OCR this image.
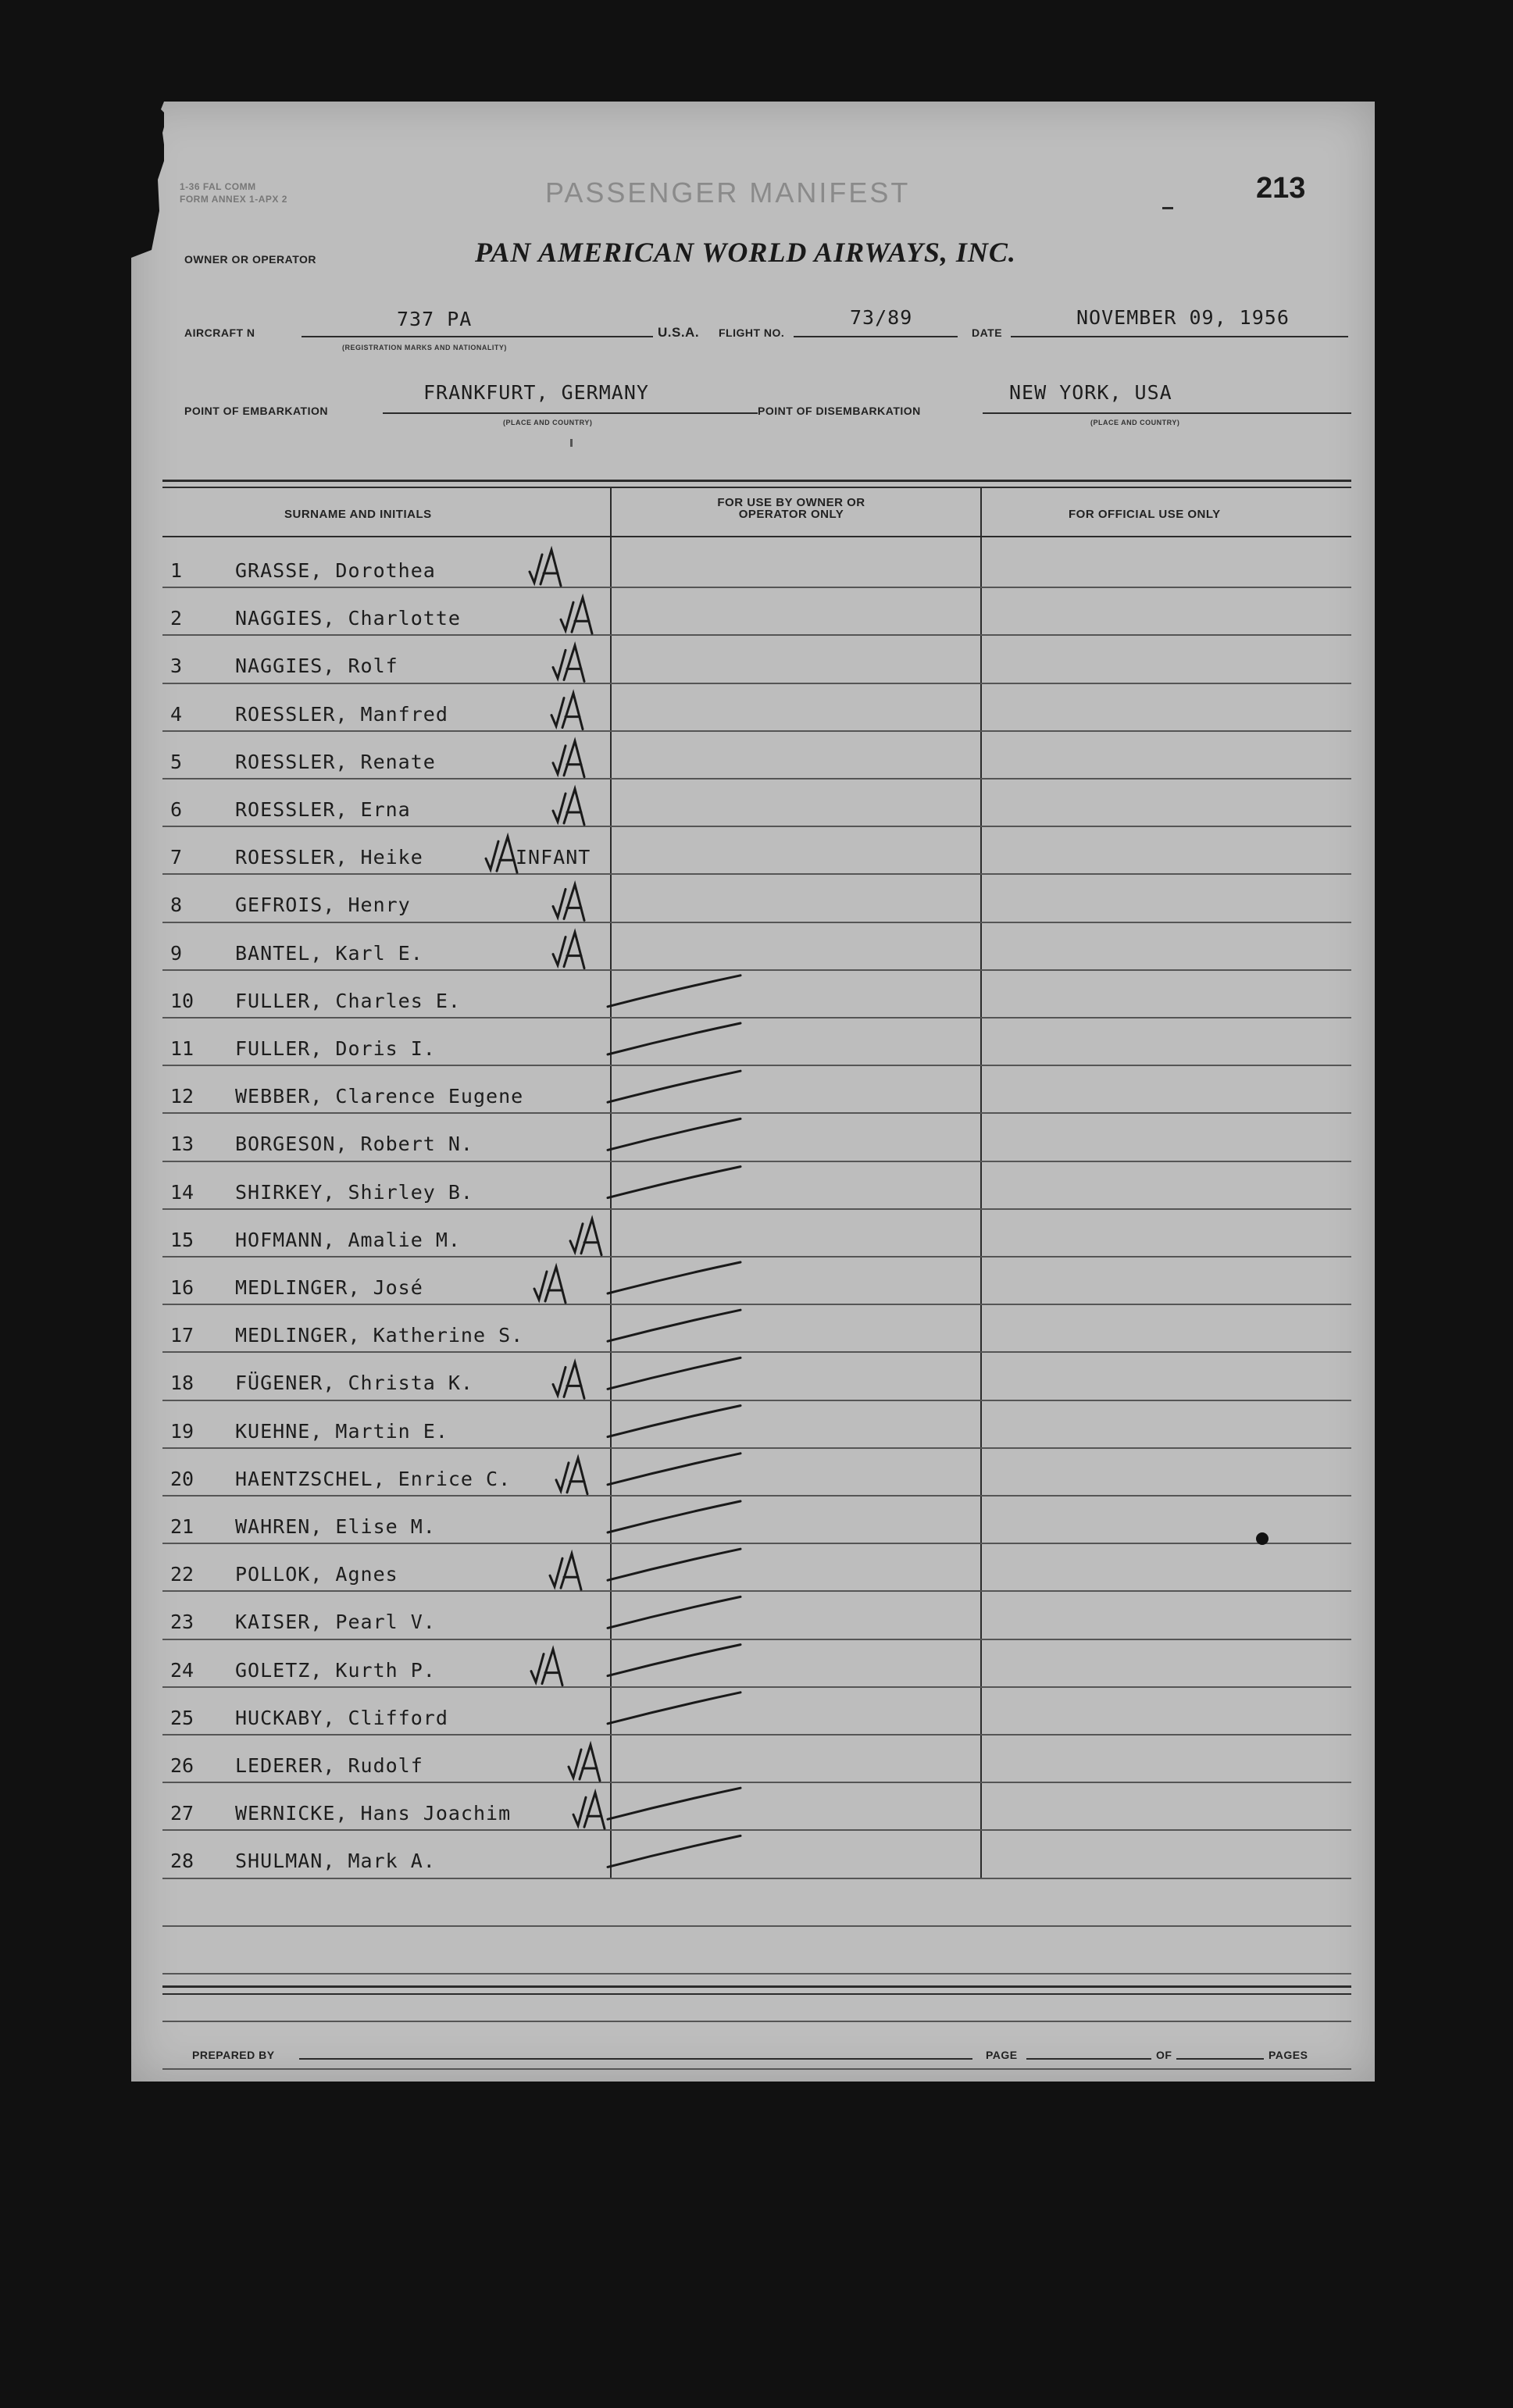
1-36 FAL COMM
FORM ANNEX 1-APX 2	PASSENGER MANIFEST	213
OWNER OR OPERATOR	PAN AMERICAN WORLD AIRWAYS, INC.
AIRCRAFT N
737 PA
(REGISTRATION MARKS AND NATIONALITY)
U.S.A. FLIGHT NO.
73/89
DATE
NOVEMBER 09, 1956
POINT OF EMBARKATION
FRANKFURT, GERMANY
(PLACE AND COUNTRY)
POINT OF DISEMBARKATION
NEW YORK, USA
(PLACE AND COUNTRY)
SURNAME AND INITIALS
FOR USE BY OWNER OR OPERATOR ONLY	FOR OFFICIAL USE ONLY
1	GRASSE, Dorothea
2	NAGGIES, Charlotte
3	NAGGIES, Rolf
4	ROESSLER, Manfred
5	ROESSLER, Renate
6	ROESSLER, Erna
7	ROESSLER, Heike	INFANT
8	GEFROIS, Henry
9	BANTEL, Karl E.
10	FULLER, Charles E.
11	FULLER, Doris I.
12	WEBBER, Clarence Eugene
13	BORGESON, Robert N.
14	SHIRKEY, Shirley B.
15	HOFMANN, Amalie M.
16	MEDLINGER, José
17	MEDLINGER, Katherine S.
18	FÜGENER, Christa K.
19	KUEHNE, Martin E.
20	HAENTZSCHEL, Enrice C.
21	WAHREN, Elise M.
22	POLLOK, Agnes
23	KAISER, Pearl V.
24	GOLETZ, Kurth P.
25	HUCKABY, Clifford
26	LEDERER, Rudolf
27	WERNICKE, Hans Joachim
28	SHULMAN, Mark A.
PREPARED BY	PAGE	OF	PAGES
